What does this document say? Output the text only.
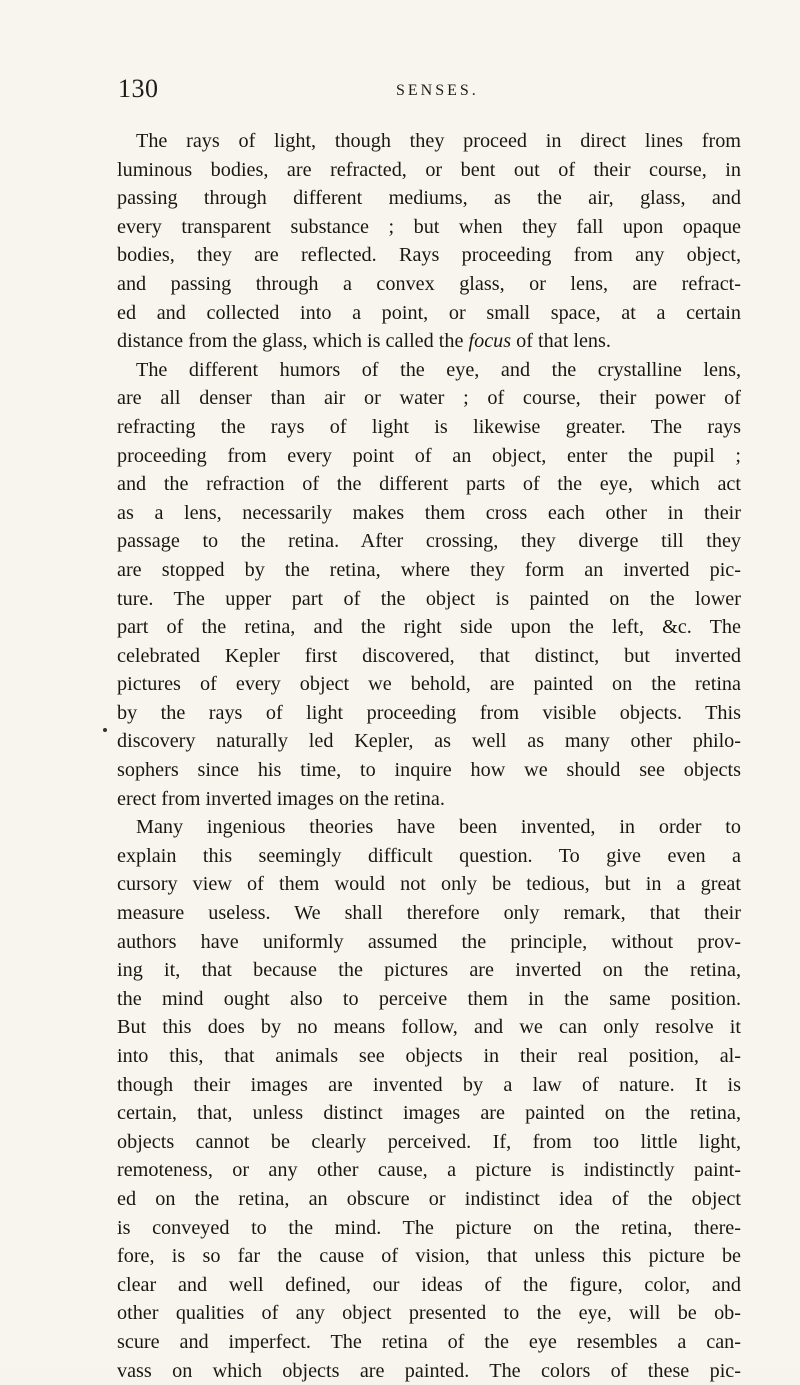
130	SENSES.
The rays of light, though they proceed in direct lines from
luminous bodies, are refracted, or bent out of their course, in
passing through different mediums, as the air, glass, and
every transparent substance ; but when they fall upon opaque
bodies, they are reflected. Rays proceeding from any object,
and passing through a convex glass, or lens, are refract-
ed and collected into a point, or small space, at a certain
distance from the glass, which is called the focus of that lens.
The different humors of the eye, and the crystalline lens,
are all denser than air or water ; of course, their power of
refracting the rays of light is likewise greater. The rays
proceeding from every point of an object, enter the pupil ;
and the refraction of the different parts of the eye, which act
as a lens, necessarily makes them cross each other in their
passage to the retina. After crossing, they diverge till they
are stopped by the retina, where they form an inverted pic-
ture. The upper part of the object is painted on the lower
part of the retina, and the right side upon the left, &c. The
celebrated Kepler first discovered, that distinct, but inverted
pictures of every object we behold, are painted on the retina
by the rays of light proceeding from visible objects. This
discovery naturally led Kepler, as well as many other philo-
sophers since his time, to inquire how we should see objects
erect from inverted images on the retina.
Many ingenious theories have been invented, in order to
explain this seemingly difficult question. To give even a
cursory view of them would not only be tedious, but in a great
measure useless. We shall therefore only remark, that their
authors have uniformly assumed the principle, without prov-
ing it, that because the pictures are inverted on the retina,
the mind ought also to perceive them in the same position.
But this does by no means follow, and we can only resolve it
into this, that animals see objects in their real position, al-
though their images are invented by a law of nature. It is
certain, that, unless distinct images are painted on the retina,
objects cannot be clearly perceived. If, from too little light,
remoteness, or any other cause, a picture is indistinctly paint-
ed on the retina, an obscure or indistinct idea of the object
is conveyed to the mind. The picture on the retina, there-
fore, is so far the cause of vision, that unless this picture be
clear and well defined, our ideas of the figure, color, and
other qualities of any object presented to the eye, will be ob-
scure and imperfect. The retina of the eye resembles a can-
vass on which objects are painted. The colors of these pic-
